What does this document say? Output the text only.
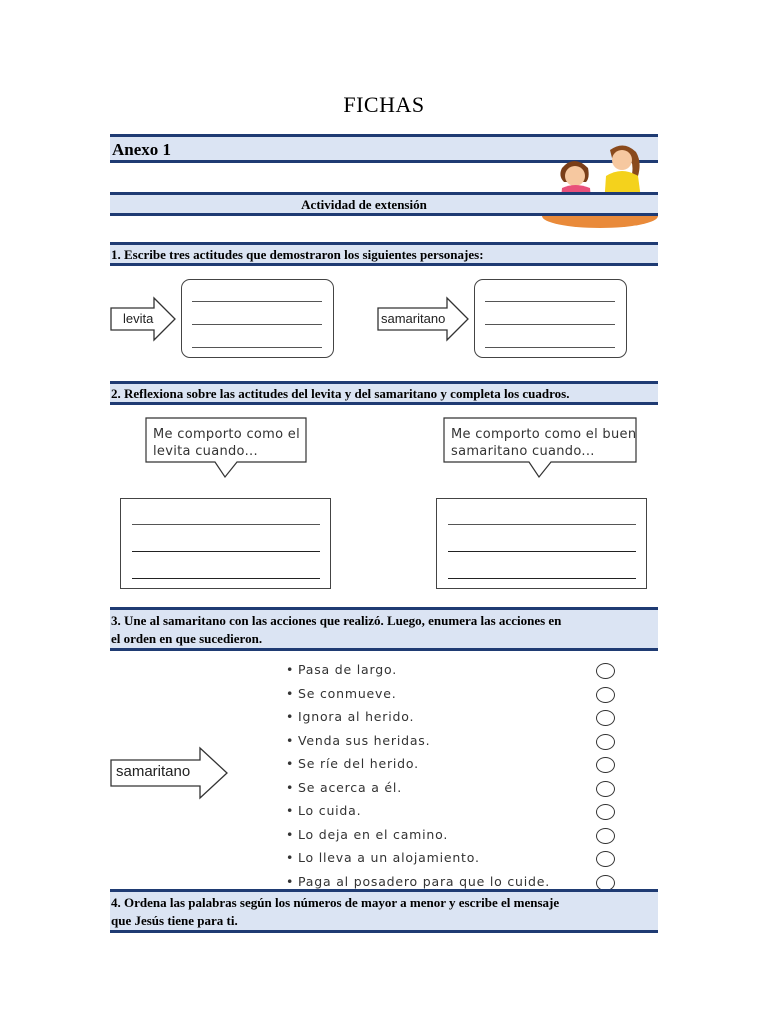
FICHAS
Anexo 1
Actividad de extensión
1. Escribe tres actitudes que demostraron los siguientes personajes:
levita	samaritano
2. Reflexiona sobre las actitudes del levita y del samaritano y completa los cuadros.
Me comporto como el
levita cuando...
Me comporto como el buen
samaritano cuando...
3. Une al samaritano con las acciones que realizó. Luego, enumera las acciones en
el orden en que sucedieron.
samaritano
• Pasa de largo.
• Se conmueve.
• Ignora al herido.
• Venda sus heridas.
• Se ríe del herido.
• Se acerca a él.
• Lo cuida.
• Lo deja en el camino.
• Lo lleva a un alojamiento.
• Paga al posadero para que lo cuide.
4. Ordena las palabras según los números de mayor a menor y escribe el mensaje
que Jesús tiene para ti.
